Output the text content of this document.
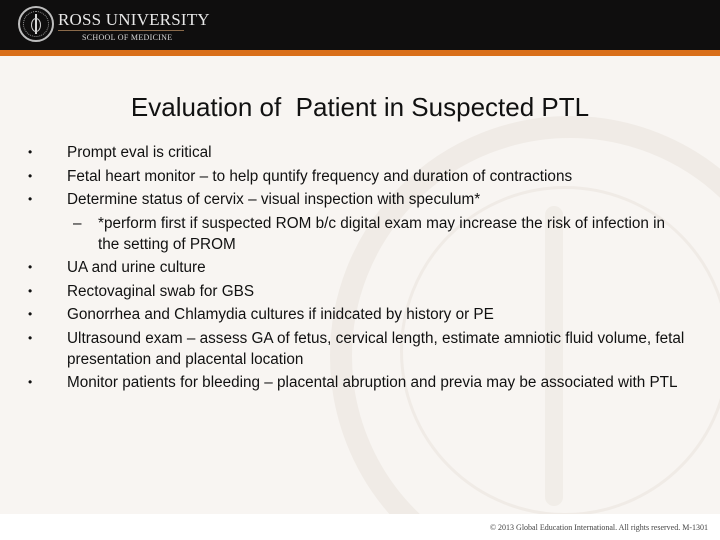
ROSS UNIVERSITY
SCHOOL OF MEDICINE
Evaluation of  Patient in Suspected PTL
• Prompt eval is critical
• Fetal heart monitor – to help quntify frequency and duration of contractions
• Determine status of cervix – visual inspection with speculum*
– *perform first if suspected ROM b/c digital exam may increase the risk of infection in the setting of PROM
• UA and urine culture
• Rectovaginal swab for GBS
• Gonorrhea and Chlamydia cultures if inidcated by history or PE
• Ultrasound exam – assess GA of fetus, cervical length, estimate amniotic fluid volume, fetal presentation and placental location
• Monitor patients for bleeding – placental abruption and previa may be associated with PTL
© 2013 Global Education International. All rights reserved. M-1301
